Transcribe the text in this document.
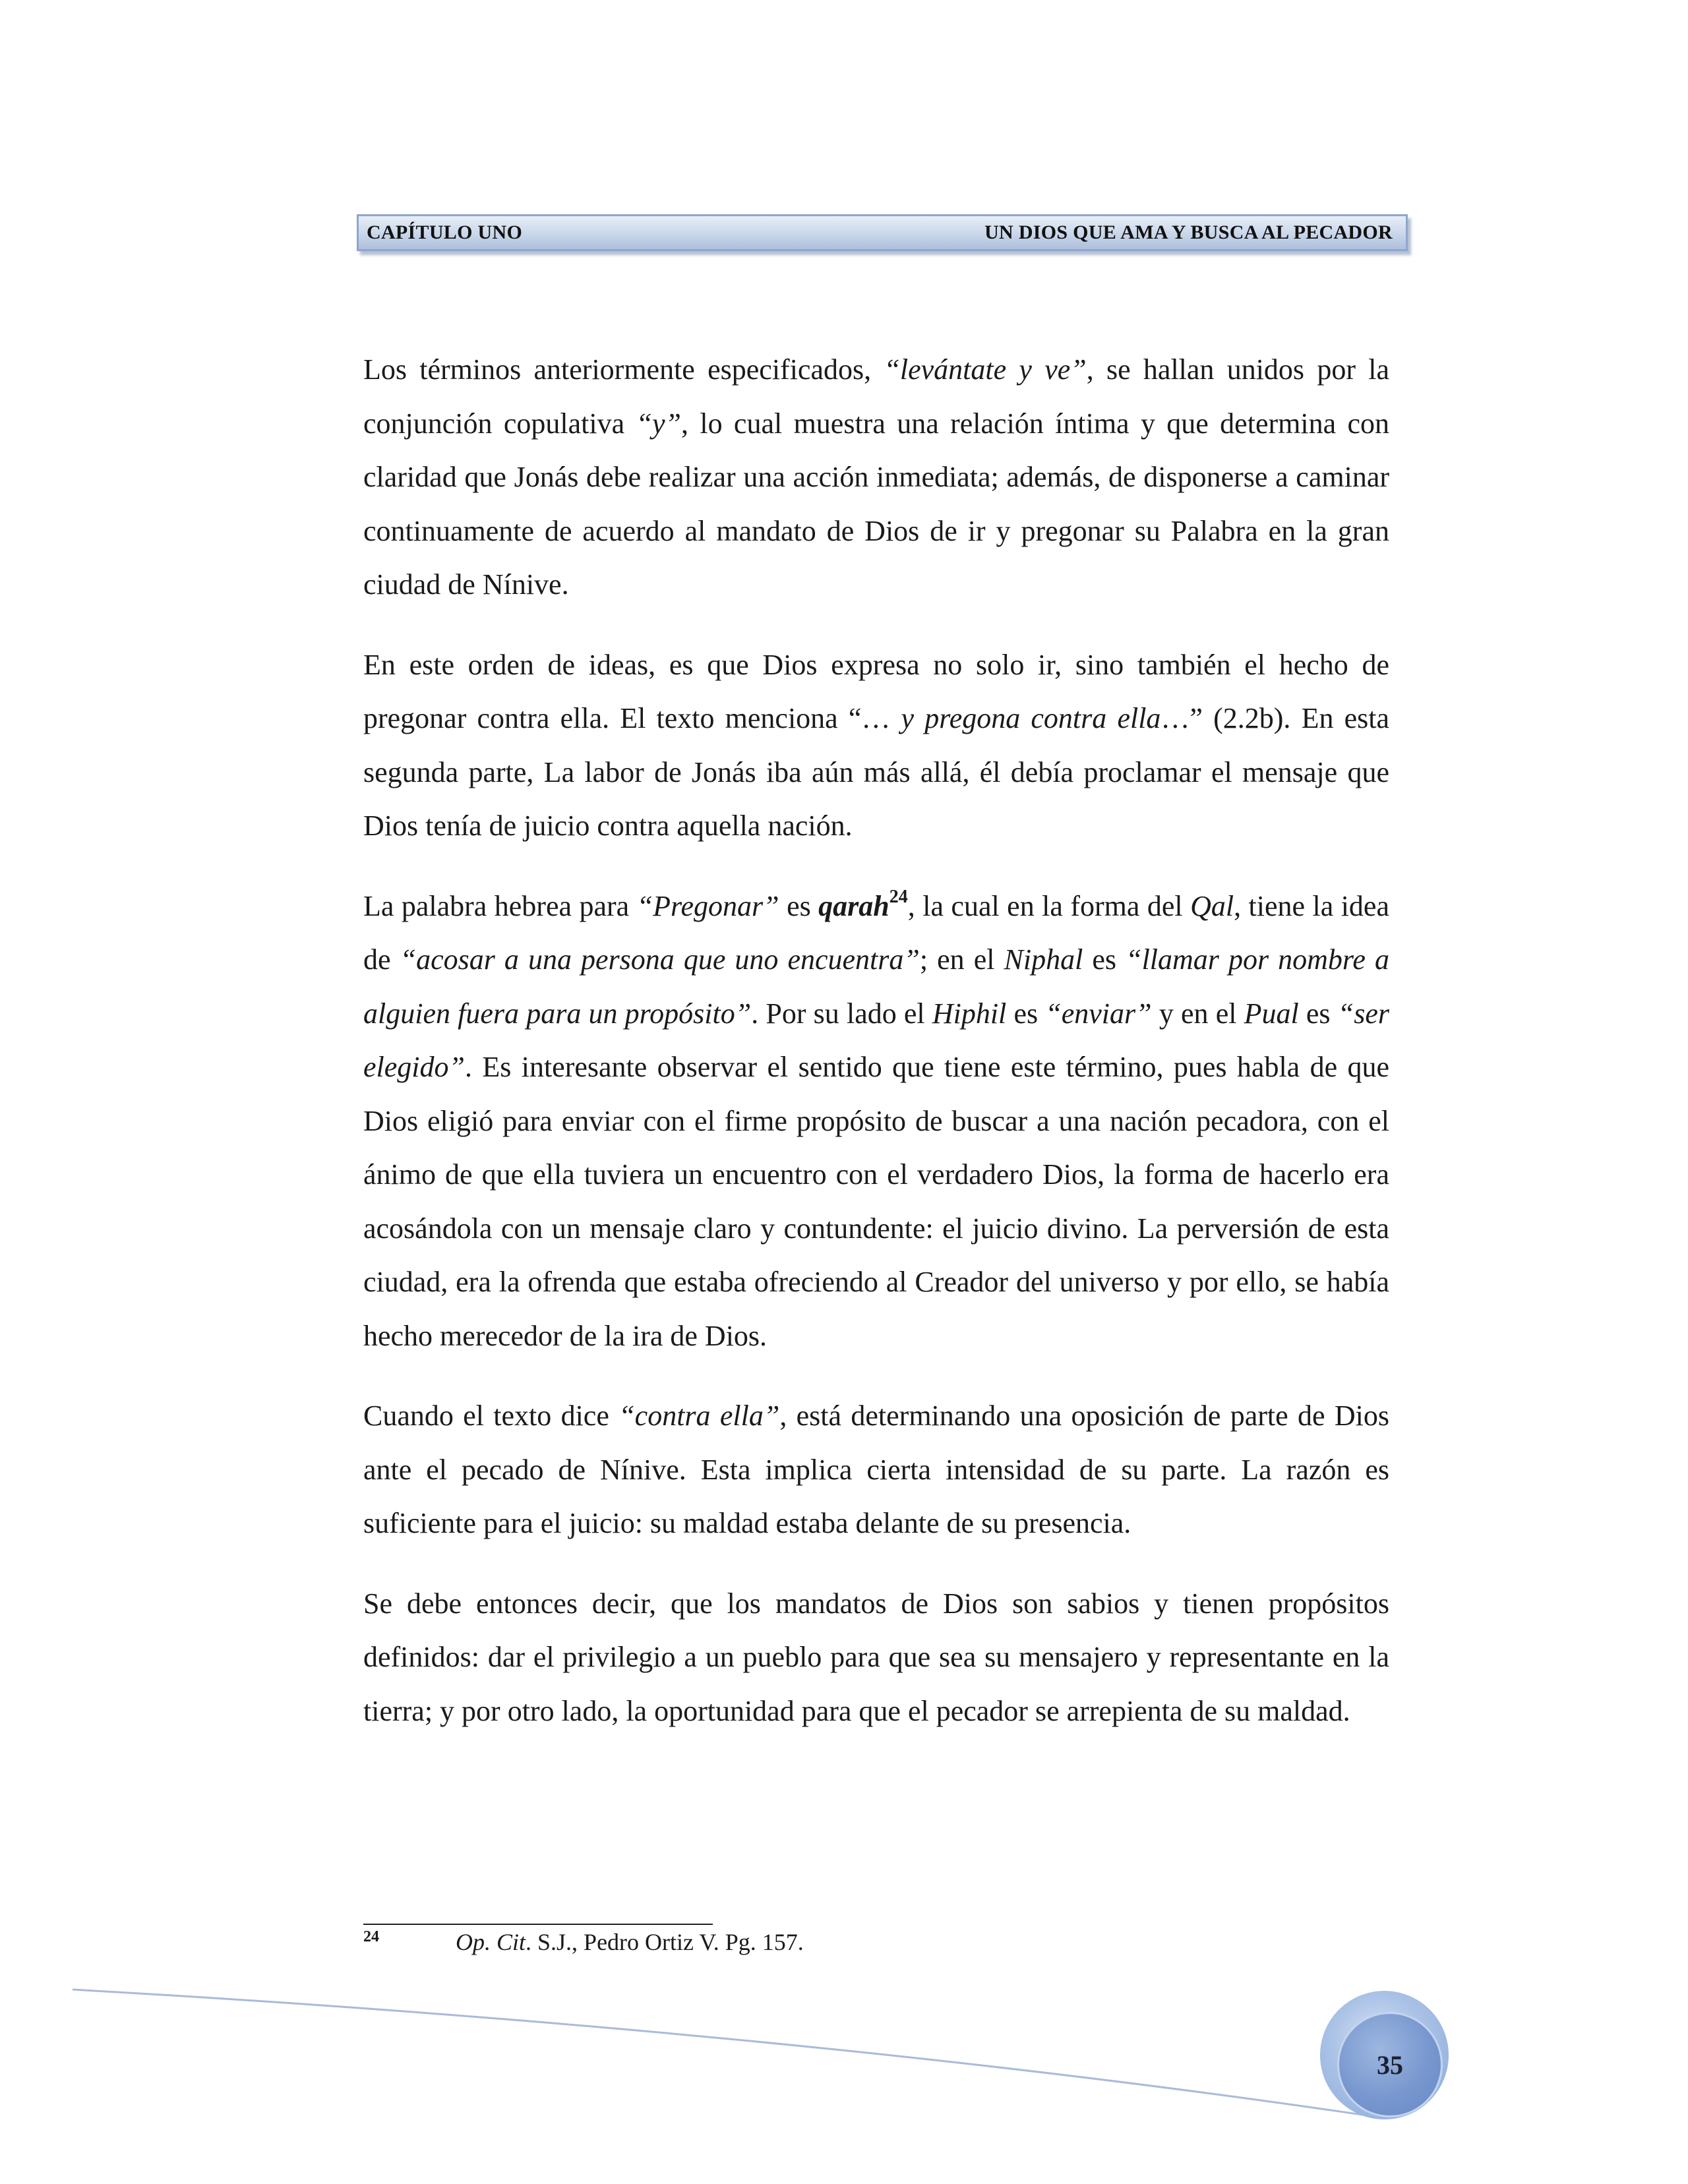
CAPÍTULO UNO	UN DIOS QUE AMA Y BUSCA AL PECADOR

Los términos anteriormente especificados, “levántate y ve”, se hallan unidos por la conjunción copulativa “y”, lo cual muestra una relación íntima y que determina con claridad que Jonás debe realizar una acción inmediata; además, de disponerse a caminar continuamente de acuerdo al mandato de Dios de ir y pregonar su Palabra en la gran ciudad de Nínive.

En este orden de ideas, es que Dios expresa no solo ir, sino también el hecho de pregonar contra ella. El texto menciona “… y pregona contra ella…” (2.2b). En esta segunda parte, La labor de Jonás iba aún más allá, él debía proclamar el mensaje que Dios tenía de juicio contra aquella nación.

La palabra hebrea para “Pregonar” es qarah$^{24}$, la cual en la forma del Qal, tiene la idea de “acosar a una persona que uno encuentra”; en el Niphal es “llamar por nombre a alguien fuera para un propósito”. Por su lado el Hiphil es “enviar” y en el Pual es “ser elegido”. Es interesante observar el sentido que tiene este término, pues habla de que Dios eligió para enviar con el firme propósito de buscar a una nación pecadora, con el ánimo de que ella tuviera un encuentro con el verdadero Dios, la forma de hacerlo era acosándola con un mensaje claro y contundente: el juicio divino. La perversión de esta ciudad, era la ofrenda que estaba ofreciendo al Creador del universo y por ello, se había hecho merecedor de la ira de Dios.

Cuando el texto dice “contra ella”, está determinando una oposición de parte de Dios ante el pecado de Nínive. Esta implica cierta intensidad de su parte. La razón es suficiente para el juicio: su maldad estaba delante de su presencia.

Se debe entonces decir, que los mandatos de Dios son sabios y tienen propósitos definidos: dar el privilegio a un pueblo para que sea su mensajero y representante en la tierra; y por otro lado, la oportunidad para que el pecador se arrepienta de su maldad.

$^{24}$	Op. Cit. S.J., Pedro Ortiz V. Pg. 157.
35
